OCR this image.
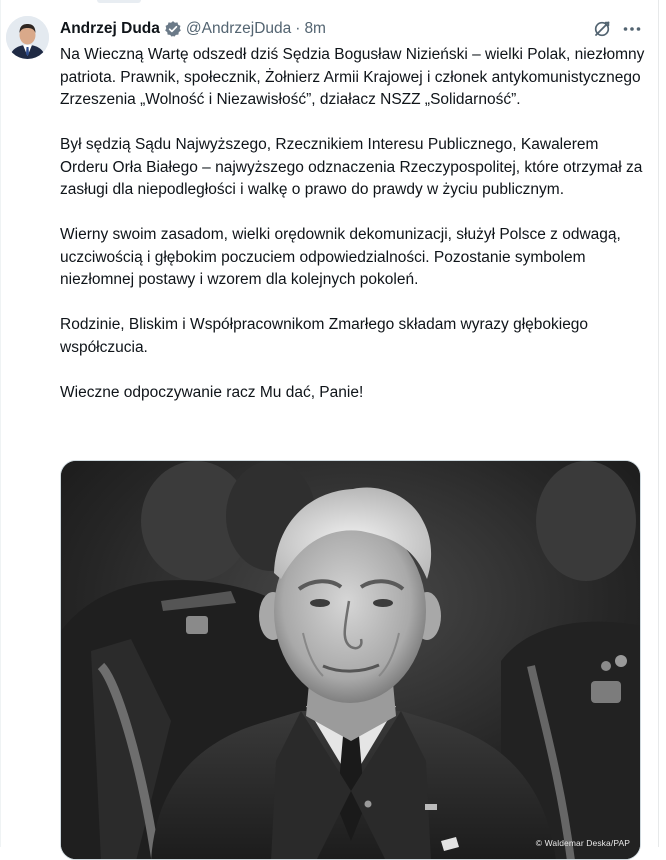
Andrzej Duda @AndrzejDuda · 8m

Na Wieczną Wartę odszedł dziś Sędzia Bogusław Nizieński – wielki Polak, niezłomny patriota. Prawnik, społecznik, Żołnierz Armii Krajowej i członek antykomunistycznego Zrzeszenia „Wolność i Niezawisłość”, działacz NSZZ „Solidarność”.

Był sędzią Sądu Najwyższego, Rzecznikiem Interesu Publicznego, Kawalerem Orderu Orła Białego – najwyższego odznaczenia Rzeczypospolitej, które otrzymał za zasługi dla niepodległości i walkę o prawo do prawdy w życiu publicznym.

Wierny swoim zasadom, wielki orędownik dekomunizacji, służył Polsce z odwagą, uczciwością i głębokim poczuciem odpowiedzialności. Pozostanie symbolem niezłomnej postawy i wzorem dla kolejnych pokoleń.

Rodzinie, Bliskim i Współpracownikom Zmarłego składam wyrazy głębokiego współczucia.

Wieczne odpoczywanie racz Mu dać, Panie!

© Waldemar Deska/PAP
